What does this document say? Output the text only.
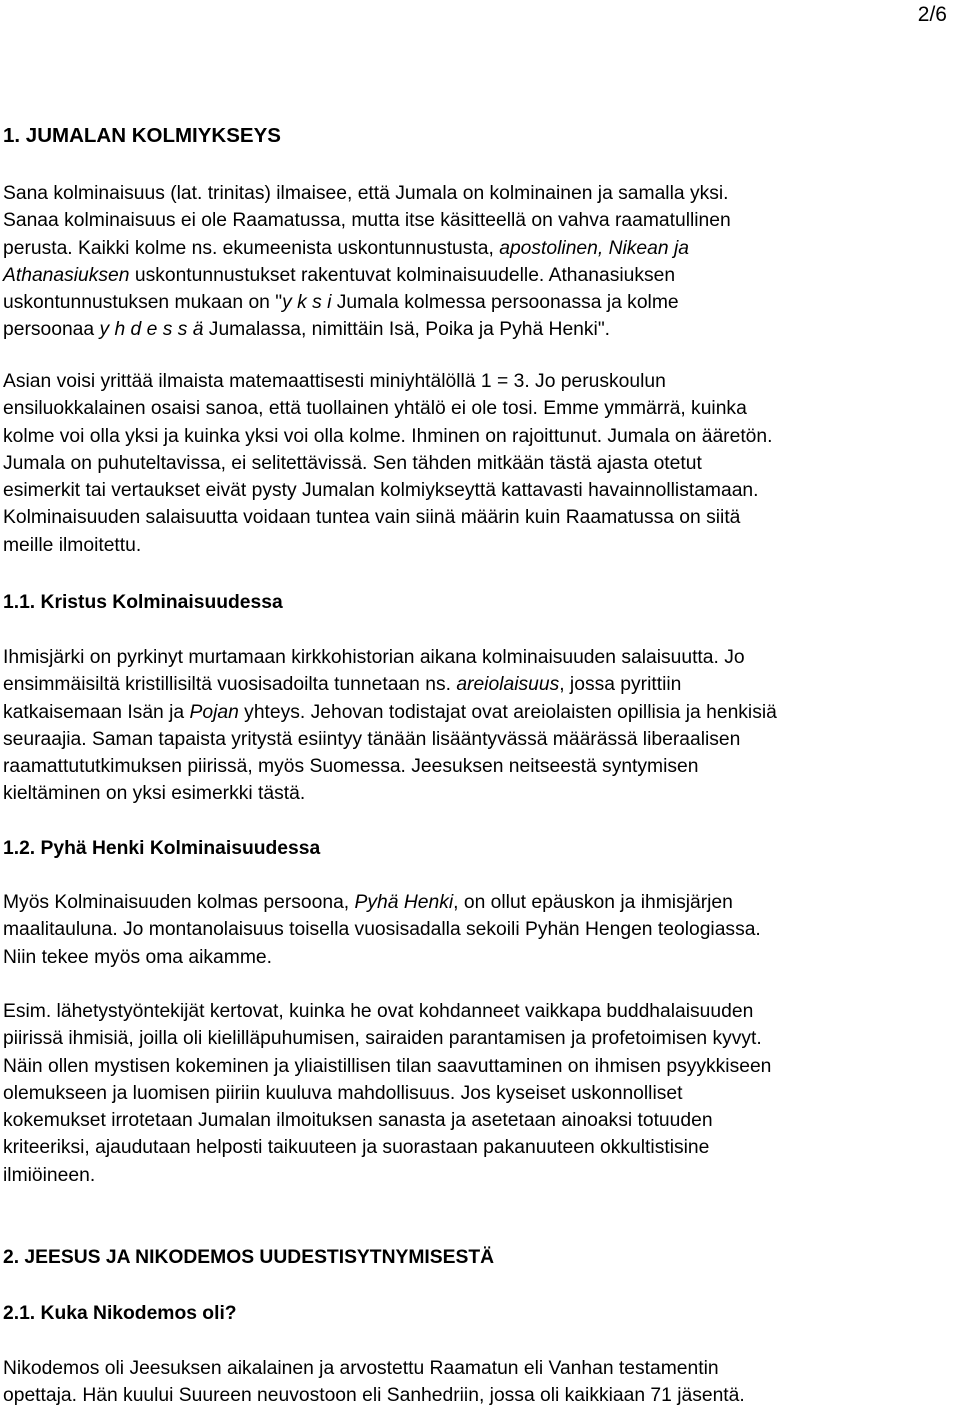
2/6
1. JUMALAN KOLMIYKSEYS

Sana kolminaisuus (lat. trinitas) ilmaisee, että Jumala on kolminainen ja samalla yksi.
Sanaa kolminaisuus ei ole Raamatussa, mutta itse käsitteellä on vahva raamatullinen
perusta. Kaikki kolme ns. ekumeenista uskontunnustusta, apostolinen, Nikean ja
Athanasiuksen uskontunnustukset rakentuvat kolminaisuudelle. Athanasiuksen
uskontunnustuksen mukaan on "y k s i Jumala kolmessa persoonassa ja kolme
persoonaa y h d e s s ä Jumalassa, nimittäin Isä, Poika ja Pyhä Henki".

Asian voisi yrittää ilmaista matemaattisesti miniyhtälöllä 1 = 3. Jo peruskoulun
ensiluokkalainen osaisi sanoa, että tuollainen yhtälö ei ole tosi. Emme ymmärrä, kuinka
kolme voi olla yksi ja kuinka yksi voi olla kolme. Ihminen on rajoittunut. Jumala on ääretön.
Jumala on puhuteltavissa, ei selitettävissä. Sen tähden mitkään tästä ajasta otetut
esimerkit tai vertaukset eivät pysty Jumalan kolmiykseyttä kattavasti havainnollistamaan.
Kolminaisuuden salaisuutta voidaan tuntea vain siinä määrin kuin Raamatussa on siitä
meille ilmoitettu.

1.1. Kristus Kolminaisuudessa

Ihmisjärki on pyrkinyt murtamaan kirkkohistorian aikana kolminaisuuden salaisuutta. Jo
ensimmäisiltä kristillisiltä vuosisadoilta tunnetaan ns. areiolaisuus, jossa pyrittiin
katkaisemaan Isän ja Pojan yhteys. Jehovan todistajat ovat areiolaisten opillisia ja henkisiä
seuraajia. Saman tapaista yritystä esiintyy tänään lisääntyvässä määrässä liberaalisen
raamattututkimuksen piirissä, myös Suomessa. Jeesuksen neitseestä syntymisen
kieltäminen on yksi esimerkki tästä.

1.2. Pyhä Henki Kolminaisuudessa

Myös Kolminaisuuden kolmas persoona, Pyhä Henki, on ollut epäuskon ja ihmisjärjen
maalitauluna. Jo montanolaisuus toisella vuosisadalla sekoili Pyhän Hengen teologiassa.
Niin tekee myös oma aikamme.

Esim. lähetystyöntekijät kertovat, kuinka he ovat kohdanneet vaikkapa buddhalaisuuden
piirissä ihmisiä, joilla oli kielilläpuhumisen, sairaiden parantamisen ja profetoimisen kyvyt.
Näin ollen mystisen kokeminen ja yliaistillisen tilan saavuttaminen on ihmisen psyykkiseen
olemukseen ja luomisen piiriin kuuluva mahdollisuus. Jos kyseiset uskonnolliset
kokemukset irrotetaan Jumalan ilmoituksen sanasta ja asetetaan ainoaksi totuuden
kriteeriksi, ajaudutaan helposti taikuuteen ja suorastaan pakanuuteen okkultistisine
ilmiöineen.

2. JEESUS JA NIKODEMOS UUDESTISYTNYMISESTÄ
2.1. Kuka Nikodemos oli?

Nikodemos oli Jeesuksen aikalainen ja arvostettu Raamatun eli Vanhan testamentin
opettaja. Hän kuului Suureen neuvostoon eli Sanhedriin, jossa oli kaikkiaan 71 jäsentä.
